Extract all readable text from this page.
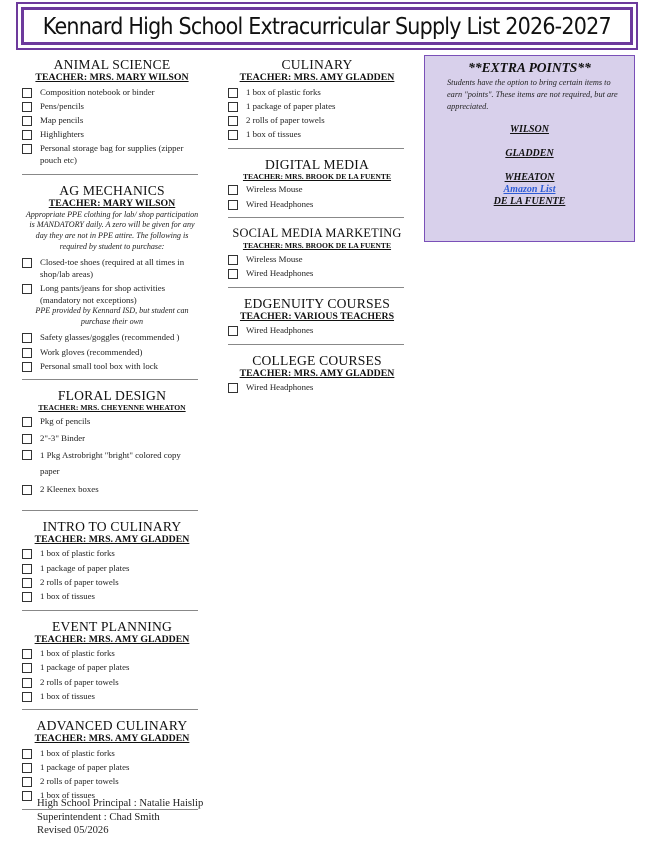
Kennard High School Extracurricular Supply List 2026-2027
ANIMAL SCIENCE
TEACHER: MRS. MARY WILSON
Composition notebook or binder
Pens/pencils
Map pencils
Highlighters
Personal storage bag for supplies (zipper pouch etc)
AG MECHANICS
TEACHER: MARY WILSON
Appropriate PPE clothing for lab/ shop participation is MANDATORY daily. A zero will be given for any day they are not in PPE attire. The following is required by student to purchase:
Closed-toe shoes (required at all times in shop/lab areas)
Long pants/jeans for shop activities (mandatory not exceptions)
PPE provided by Kennard ISD, but student can purchase their own
Safety glasses/goggles (recommended )
Work gloves (recommended)
Personal small tool box with lock
FLORAL DESIGN
TEACHER: MRS. CHEYENNE WHEATON
Pkg of pencils
2"-3" Binder
1 Pkg Astrobright "bright" colored copy paper
2 Kleenex boxes
INTRO TO CULINARY
TEACHER: MRS. AMY GLADDEN
1 box of plastic forks
1 package of paper plates
2 rolls of paper towels
1 box of tissues
EVENT PLANNING
TEACHER: MRS. AMY GLADDEN
1 box of plastic forks
1 package of paper plates
2 rolls of paper towels
1 box of tissues
ADVANCED CULINARY
TEACHER: MRS. AMY GLADDEN
1 box of plastic forks
1 package of paper plates
2 rolls of paper towels
1 box of tissues
CULINARY
TEACHER: MRS. AMY GLADDEN
1 box of plastic forks
1 package of paper plates
2 rolls of paper towels
1 box of tissues
DIGITAL MEDIA
TEACHER: MRS. BROOK DE LA FUENTE
Wireless Mouse
Wired Headphones
SOCIAL MEDIA MARKETING
TEACHER: MRS. BROOK DE LA FUENTE
Wireless Mouse
Wired Headphones
EDGENUITY COURSES
TEACHER: VARIOUS TEACHERS
Wired Headphones
COLLEGE COURSES
TEACHER: MRS. AMY GLADDEN
Wired Headphones
**EXTRA POINTS**
Students have the option to bring certain items to earn "points". These items are not required, but are appreciated.
WILSON
GLADDEN
WHEATON
Amazon List
DE LA FUENTE
High School Principal : Natalie Haislip
Superintendent : Chad Smith
Revised 05/2026
